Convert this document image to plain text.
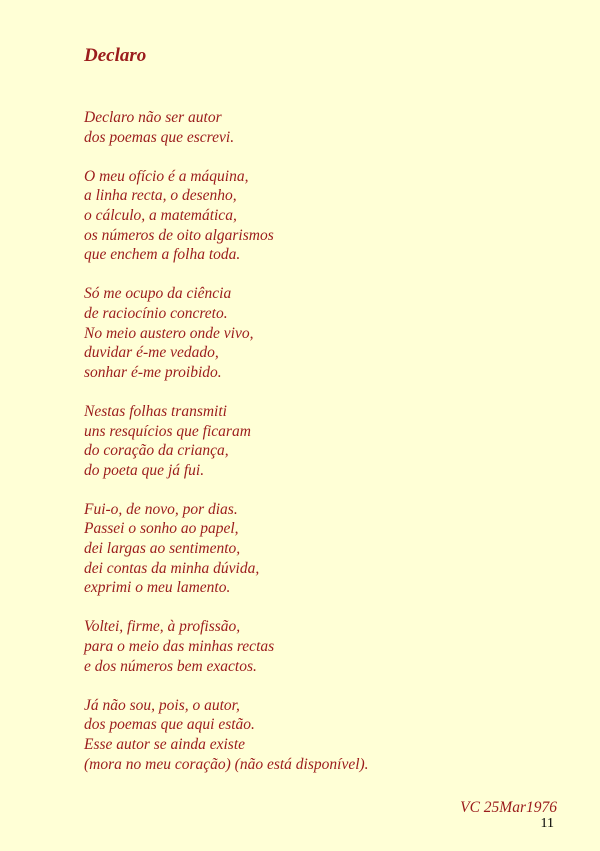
Declaro
Declaro não ser autor
dos poemas que escrevi.
O meu ofício é a máquina,
a linha recta, o desenho,
o cálculo, a matemática,
os números de oito algarismos
que enchem a folha toda.
Só me ocupo da ciência
de raciocínio concreto.
No meio austero onde vivo,
duvidar é-me vedado,
sonhar é-me proibido.
Nestas folhas transmiti
uns resquícios que ficaram
do coração da criança,
do poeta que já fui.
Fui-o, de novo, por dias.
Passei o sonho ao papel,
dei largas ao sentimento,
dei contas da minha dúvida,
exprimi o meu lamento.
Voltei, firme, à profissão,
para o meio das minhas rectas
e dos números bem exactos.
Já não sou, pois, o autor,
dos poemas que aqui estão.
Esse autor se ainda existe
(mora no meu coração) (não está disponível).
VC 25Mar1976
11
